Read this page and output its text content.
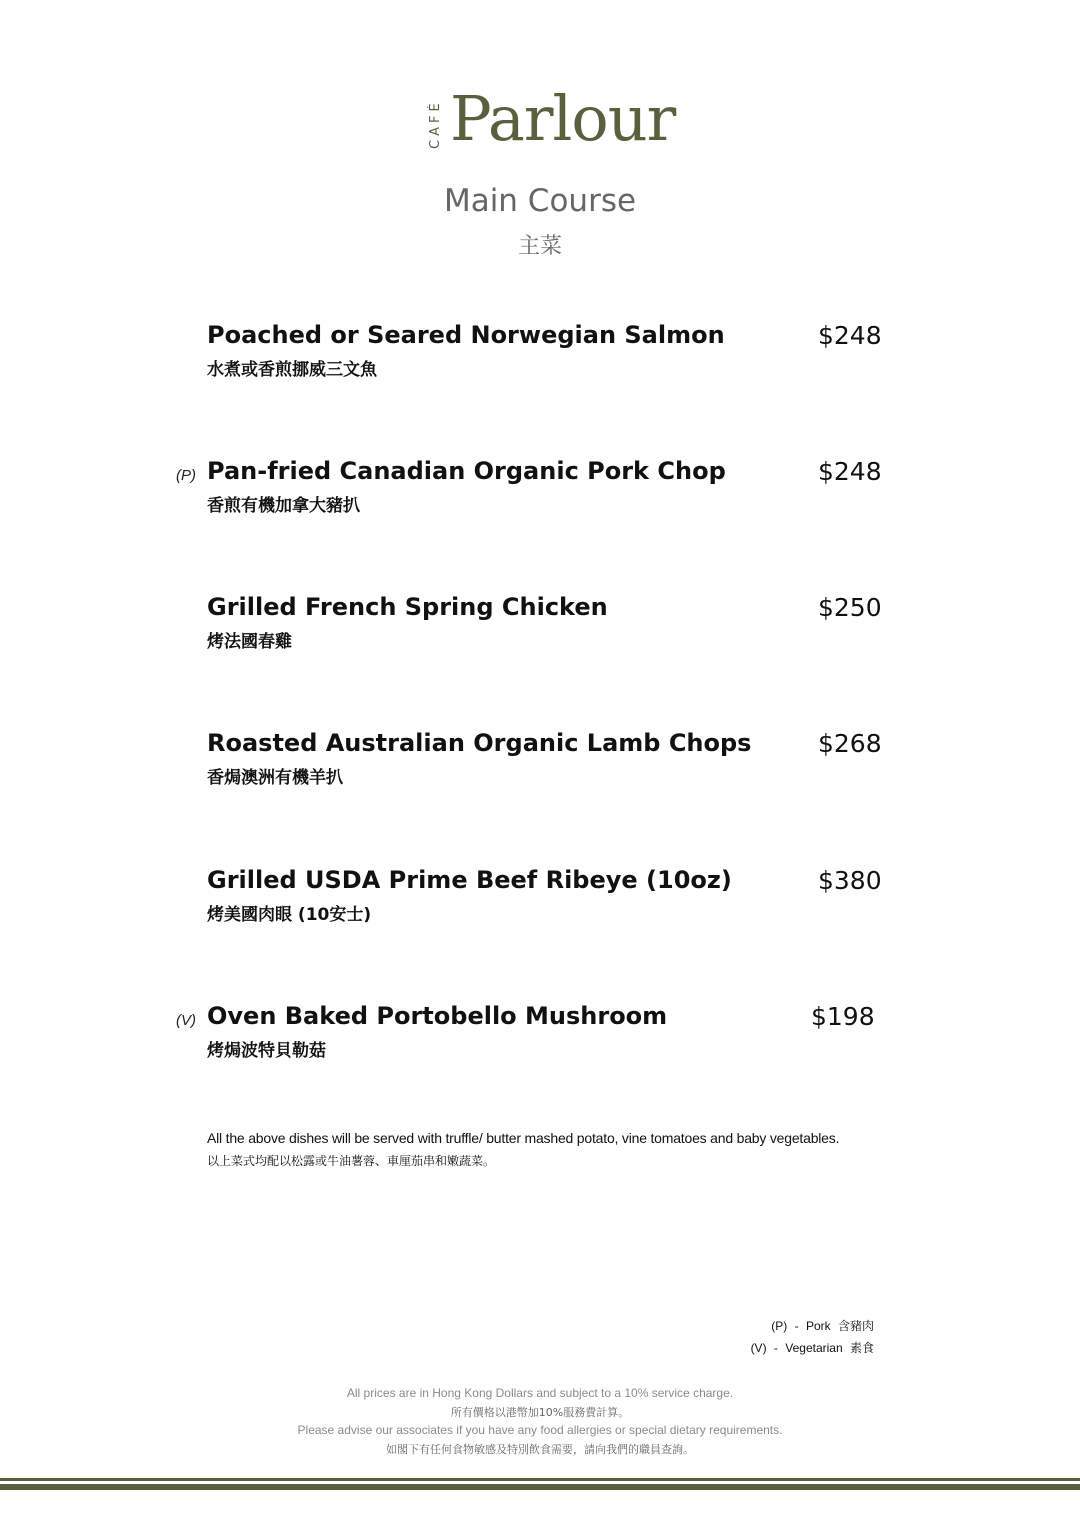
CAFÉ Parlour
Main Course
主菜
Poached or Seared Norwegian Salmon
水煮或香煎挪威三文魚
$248
(P) Pan-fried Canadian Organic Pork Chop
香煎有機加拿大豬扒
$248
Grilled French Spring Chicken
烤法國春雞
$250
Roasted Australian Organic Lamb Chops
香焗澳洲有機羊扒
$268
Grilled USDA Prime Beef Ribeye (10oz)
烤美國肉眼 (10安士)
$380
(V) Oven Baked Portobello Mushroom
烤焗波特貝勒菇
$198
All the above dishes will be served with truffle/ butter mashed potato, vine tomatoes and baby vegetables.
以上菜式均配以松露或牛油薯蓉、車厘茄串和嫩蔬菜。
(P) - Pork 含豬肉
(V) - Vegetarian 素食
All prices are in Hong Kong Dollars and subject to a 10% service charge.
所有價格以港幣加10%服務費計算。
Please advise our associates if you have any food allergies or special dietary requirements.
如閣下有任何食物敏感及特別飲食需要，請向我們的職員查詢。
